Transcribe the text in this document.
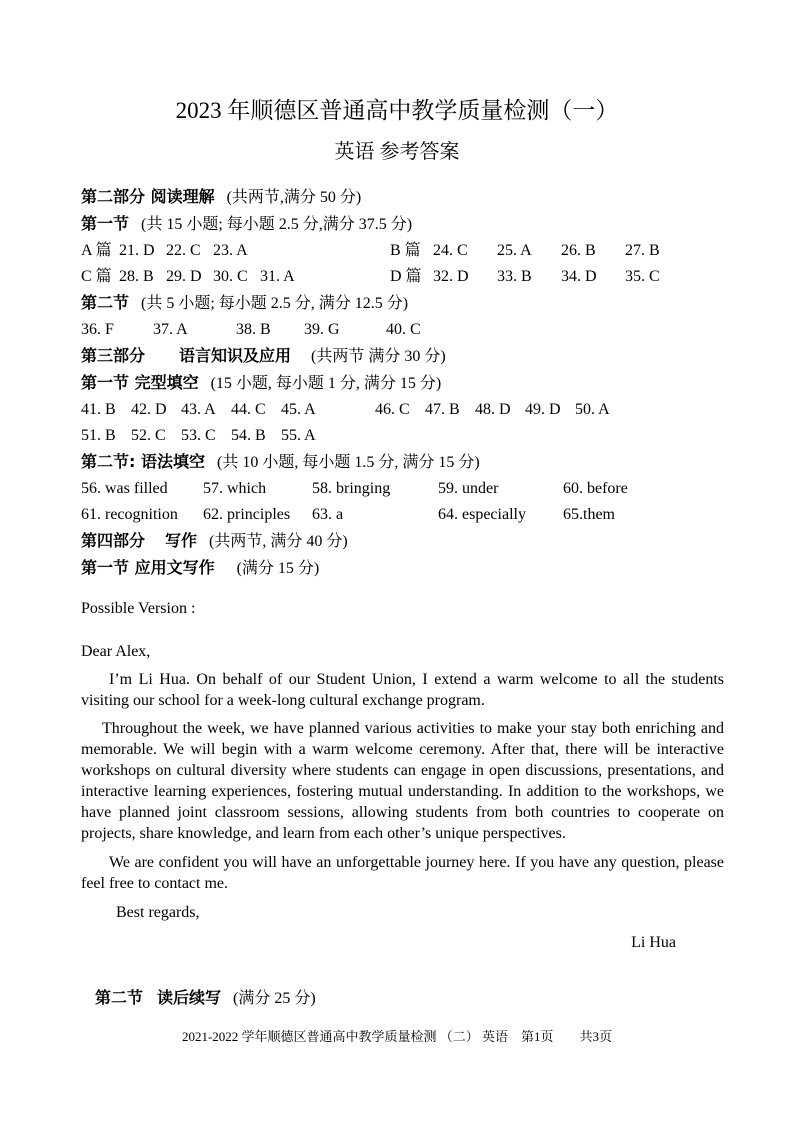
2023 年顺德区普通高中教学质量检测（一）
英语 参考答案
第二部分 阅读理解 (共两节,满分 50 分)
第一节 (共 15 小题; 每小题 2.5 分,满分 37.5 分)
A 篇 21. D 22. C 23. A	B 篇 24. C	25. A	26. B	27. B
C 篇 28. B 29. D 30. C 31. A	D 篇 32. D	33. B	34. D	35. C
第二节 (共 5 小题; 每小题 2.5 分, 满分 12.5 分)
36. F	37. A	38. B	39. G	40. C
第三部分 语言知识及应用 (共两节 满分 30 分)
第一节 完型填空 (15 小题, 每小题 1 分, 满分 15 分)
41. B 42. D 43. A 44. C 45. A	46. C 47. B 48. D 49. D 50. A
51. B 52. C 53. C 54. B 55. A
第二节: 语法填空 (共 10 小题, 每小题 1.5 分, 满分 15 分)
56. was filled	57. which	58. bringing	59. under	60. before
61. recognition	62. principles	63. a	64. especially	65.them
第四部分 写作 (共两节, 满分 40 分)
第一节 应用文写作 (满分 15 分)
Possible Version :
Dear Alex,
I’m Li Hua. On behalf of our Student Union, I extend a warm welcome to all the students visiting our school for a week-long cultural exchange program.
Throughout the week, we have planned various activities to make your stay both enriching and memorable. We will begin with a warm welcome ceremony. After that, there will be interactive workshops on cultural diversity where students can engage in open discussions, presentations, and interactive learning experiences, fostering mutual understanding. In addition to the workshops, we have planned joint classroom sessions, allowing students from both countries to cooperate on projects, share knowledge, and learn from each other’s unique perspectives.
We are confident you will have an unforgettable journey here. If you have any question, please feel free to contact me.
Best regards,
Li Hua
第二节 读后续写 (满分 25 分)
2021-2022 学年顺德区普通高中教学质量检测 （二） 英语　第1页　　共3页
